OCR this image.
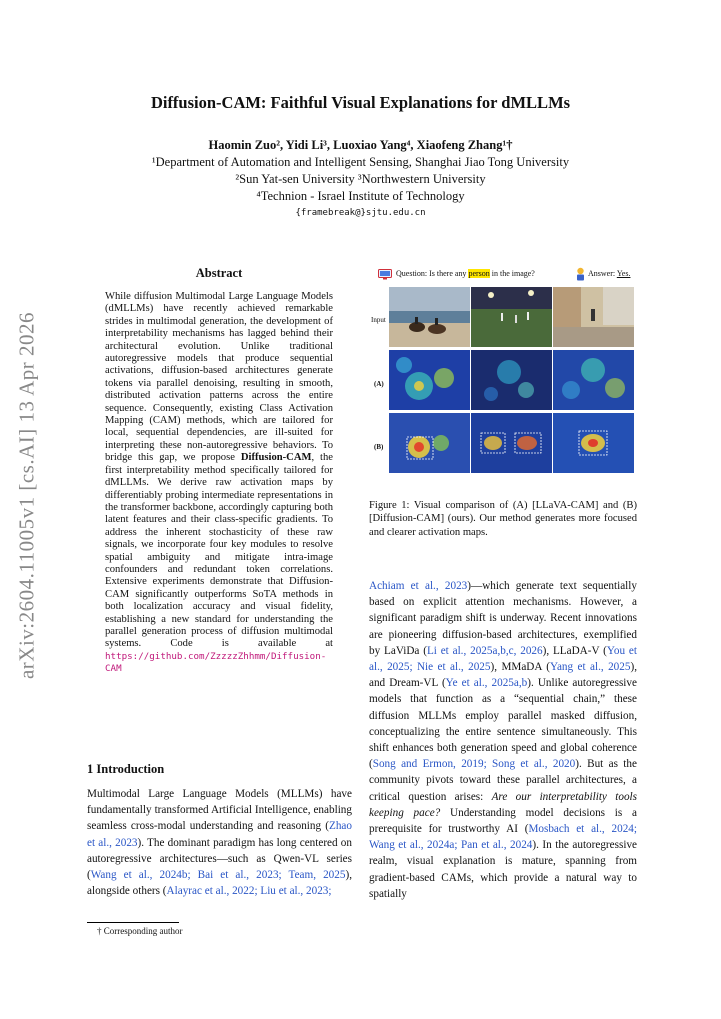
arXiv:2604.11005v1 [cs.AI] 13 Apr 2026
Diffusion-CAM: Faithful Visual Explanations for dMLLMs
Haomin Zuo², Yidi Li³, Luoxiao Yang⁴, Xiaofeng Zhang¹†
¹Department of Automation and Intelligent Sensing, Shanghai Jiao Tong University
²Sun Yat-sen University ³Northwestern University
⁴Technion - Israel Institute of Technology
{framebreak@}sjtu.edu.cn
Abstract
While diffusion Multimodal Large Language Models (dMLLMs) have recently achieved remarkable strides in multimodal generation, the development of interpretability mechanisms has lagged behind their architectural evolution. Unlike traditional autoregressive models that produce sequential activations, diffusion-based architectures generate tokens via parallel denoising, resulting in smooth, distributed activation patterns across the entire sequence. Consequently, existing Class Activation Mapping (CAM) methods, which are tailored for local, sequential dependencies, are ill-suited for interpreting these non-autoregressive behaviors. To bridge this gap, we propose Diffusion-CAM, the first interpretability method specifically tailored for dMLLMs. We derive raw activation maps by differentiably probing intermediate representations in the transformer backbone, accordingly capturing both latent features and their class-specific gradients. To address the inherent stochasticity of these raw signals, we incorporate four key modules to resolve spatial ambiguity and mitigate intra-image confounders and redundant token correlations. Extensive experiments demonstrate that Diffusion-CAM significantly outperforms SoTA methods in both localization accuracy and visual fidelity, establishing a new standard for understanding the parallel generation process of diffusion multimodal systems. Code is available at https://github.com/ZzzzzZhhmm/Diffusion-CAM
1 Introduction
Multimodal Large Language Models (MLLMs) have fundamentally transformed Artificial Intelligence, enabling seamless cross-modal understanding and reasoning (Zhao et al., 2023). The dominant paradigm has long centered on autoregressive architectures—such as Qwen-VL series (Wang et al., 2024b; Bai et al., 2023; Team, 2025), alongside others (Alayrac et al., 2022; Liu et al., 2023;
† Corresponding author
Question: Is there any person in the image?	Answer: Yes.
Input
(A)
(B)
Figure 1: Visual comparison of (A) [LLaVA-CAM] and (B) [Diffusion-CAM] (ours). Our method generates more focused and clearer activation maps.
Achiam et al., 2023)—which generate text sequentially based on explicit attention mechanisms. However, a significant paradigm shift is underway. Recent innovations are pioneering diffusion-based architectures, exemplified by LaViDa (Li et al., 2025a,b,c, 2026), LLaDA-V (You et al., 2025; Nie et al., 2025), MMaDA (Yang et al., 2025), and Dream-VL (Ye et al., 2025a,b). Unlike autoregressive models that function as a “sequential chain,” these diffusion MLLMs employ parallel masked diffusion, conceptualizing the entire sentence simultaneously. This shift enhances both generation speed and global coherence (Song and Ermon, 2019; Song et al., 2020). But as the community pivots toward these parallel architectures, a critical question arises: Are our interpretability tools keeping pace? Understanding model decisions is a prerequisite for trustworthy AI (Mosbach et al., 2024; Wang et al., 2024a; Pan et al., 2024). In the autoregressive realm, visual explanation is mature, spanning from gradient-based CAMs, which provide a natural way to spatially
